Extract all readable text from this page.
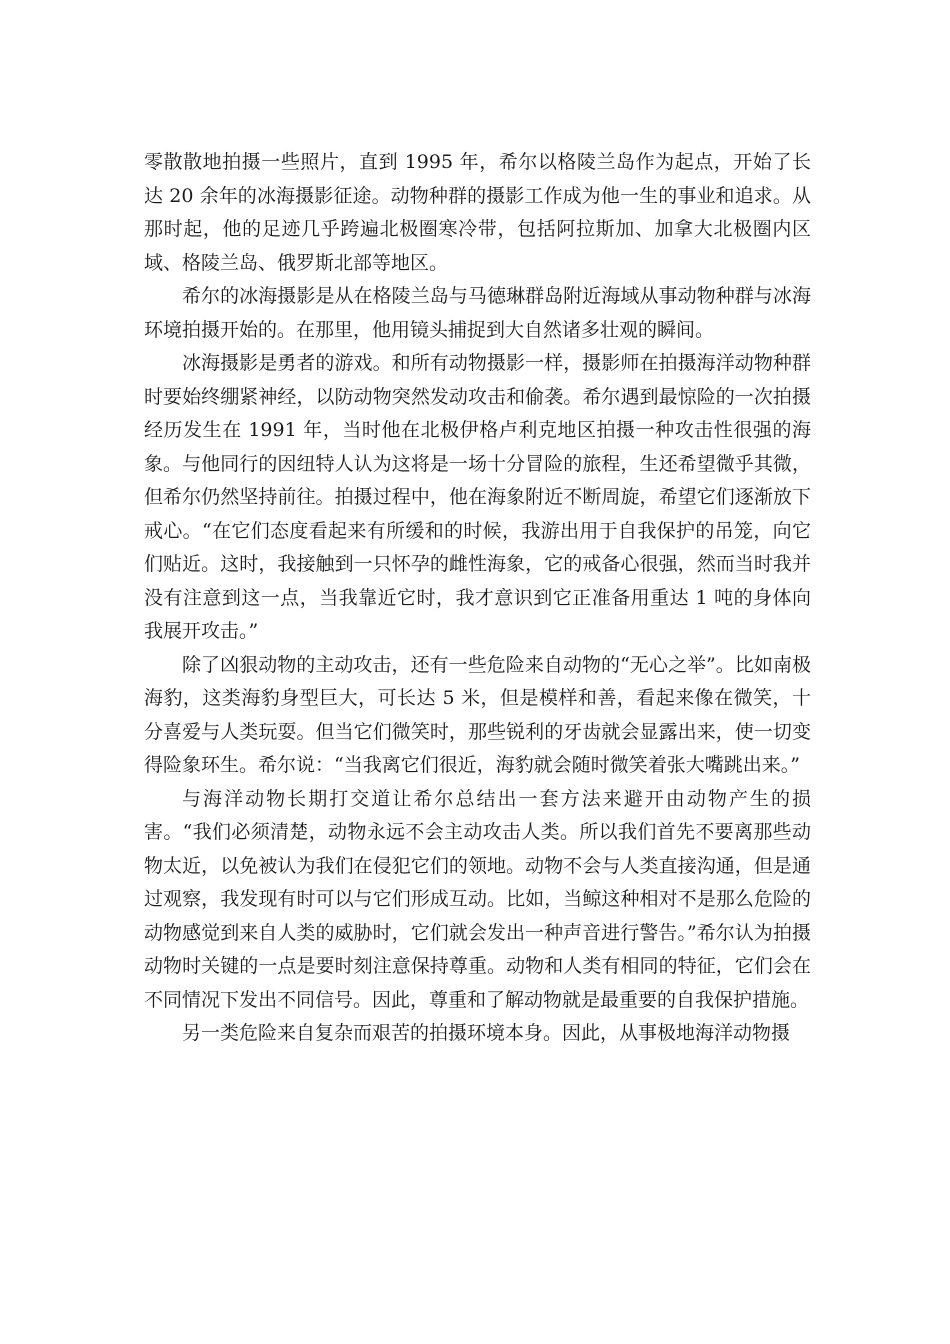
零散散地拍摄一些照片，直到 1995 年，希尔以格陵兰岛作为起点，开始了长达 20 余年的冰海摄影征途。动物种群的摄影工作成为他一生的事业和追求。从那时起，他的足迹几乎跨遍北极圈寒冷带，包括阿拉斯加、加拿大北极圈内区域、格陵兰岛、俄罗斯北部等地区。

希尔的冰海摄影是从在格陵兰岛与马德琳群岛附近海域从事动物种群与冰海环境拍摄开始的。在那里，他用镜头捕捉到大自然诸多壮观的瞬间。

冰海摄影是勇者的游戏。和所有动物摄影一样，摄影师在拍摄海洋动物种群时要始终绷紧神经，以防动物突然发动攻击和偷袭。希尔遇到最惊险的一次拍摄经历发生在 1991 年，当时他在北极伊格卢利克地区拍摄一种攻击性很强的海象。与他同行的因纽特人认为这将是一场十分冒险的旅程，生还希望微乎其微，但希尔仍然坚持前往。拍摄过程中，他在海象附近不断周旋，希望它们逐渐放下戒心。“在它们态度看起来有所缓和的时候，我游出用于自我保护的吊笼，向它们贴近。这时，我接触到一只怀孕的雌性海象，它的戒备心很强，然而当时我并没有注意到这一点，当我靠近它时，我才意识到它正准备用重达 1 吨的身体向我展开攻击。”

除了凶狠动物的主动攻击，还有一些危险来自动物的“无心之举”。比如南极海豹，这类海豹身型巨大，可长达 5 米，但是模样和善，看起来像在微笑，十分喜爱与人类玩耍。但当它们微笑时，那些锐利的牙齿就会显露出来，使一切变得险象环生。希尔说：“当我离它们很近，海豹就会随时微笑着张大嘴跳出来。”

与海洋动物长期打交道让希尔总结出一套方法来避开由动物产生的损害。“我们必须清楚，动物永远不会主动攻击人类。所以我们首先不要离那些动物太近，以免被认为我们在侵犯它们的领地。动物不会与人类直接沟通，但是通过观察，我发现有时可以与它们形成互动。比如，当鲸这种相对不是那么危险的动物感觉到来自人类的威胁时，它们就会发出一种声音进行警告。”希尔认为拍摄动物时关键的一点是要时刻注意保持尊重。动物和人类有相同的特征，它们会在不同情况下发出不同信号。因此，尊重和了解动物就是最重要的自我保护措施。

另一类危险来自复杂而艰苦的拍摄环境本身。因此，从事极地海洋动物摄
